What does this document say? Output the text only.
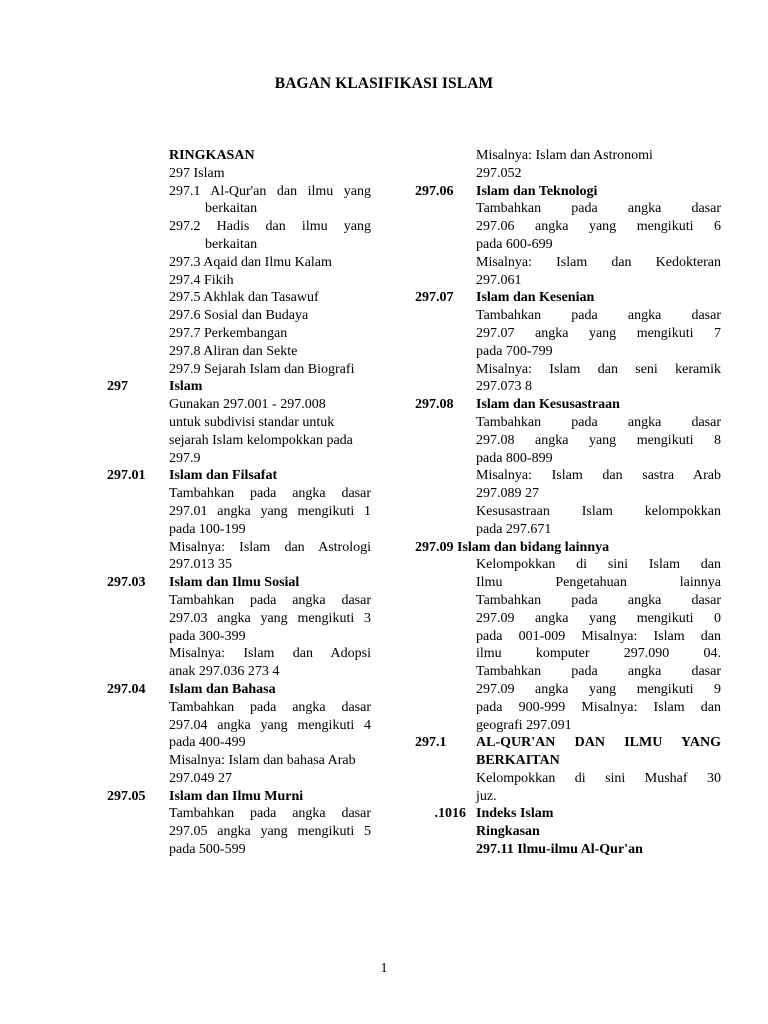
BAGAN KLASIFIKASI ISLAM
RINGKASAN
297 Islam
297.1 Al-Qur'an dan ilmu yang
berkaitan
297.2 Hadis dan ilmu yang
berkaitan
297.3 Aqaid dan Ilmu Kalam
297.4 Fikih
297.5 Akhlak dan Tasawuf
297.6 Sosial dan Budaya
297.7 Perkembangan
297.8 Aliran dan Sekte
297.9 Sejarah Islam dan Biografi
297	Islam
Gunakan 297.001 - 297.008
untuk subdivisi standar untuk
sejarah Islam kelompokkan pada
297.9
297.01 Islam dan Filsafat
Tambahkan pada angka dasar
297.01 angka yang mengikuti 1
pada 100-199
Misalnya: Islam dan Astrologi
297.013 35
297.03 Islam dan Ilmu Sosial
Tambahkan pada angka dasar
297.03 angka yang mengikuti 3
pada 300-399
Misalnya: Islam dan Adopsi
anak 297.036 273 4
297.04 Islam dan Bahasa
Tambahkan pada angka dasar
297.04 angka yang mengikuti 4
pada 400-499
Misalnya: Islam dan bahasa Arab
297.049 27
297.05 Islam dan Ilmu Murni
Tambahkan pada angka dasar
297.05 angka yang mengikuti 5
pada 500-599
Misalnya: Islam dan Astronomi
297.052
297.06 Islam dan Teknologi
Tambahkan pada angka dasar
297.06 angka yang mengikuti 6
pada 600-699
Misalnya: Islam dan Kedokteran
297.061
297.07 Islam dan Kesenian
Tambahkan pada angka dasar
297.07 angka yang mengikuti 7
pada 700-799
Misalnya: Islam dan seni keramik
297.073 8
297.08 Islam dan Kesusastraan
Tambahkan pada angka dasar
297.08 angka yang mengikuti 8
pada 800-899
Misalnya: Islam dan sastra Arab
297.089 27
Kesusastraan Islam kelompokkan
pada 297.671
297.09 Islam dan bidang lainnya
Kelompokkan di sini Islam dan
Ilmu Pengetahuan lainnya
Tambahkan pada angka dasar
297.09 angka yang mengikuti 0
pada 001-009 Misalnya: Islam dan
ilmu komputer 297.090 04.
Tambahkan pada angka dasar
297.09 angka yang mengikuti 9
pada 900-999 Misalnya: Islam dan
geografi 297.091
297.1 AL-QUR'AN DAN ILMU YANG
BERKAITAN
Kelompokkan di sini Mushaf 30
juz.
.1016 Indeks Islam
Ringkasan
297.11 Ilmu-ilmu Al-Qur'an
1
